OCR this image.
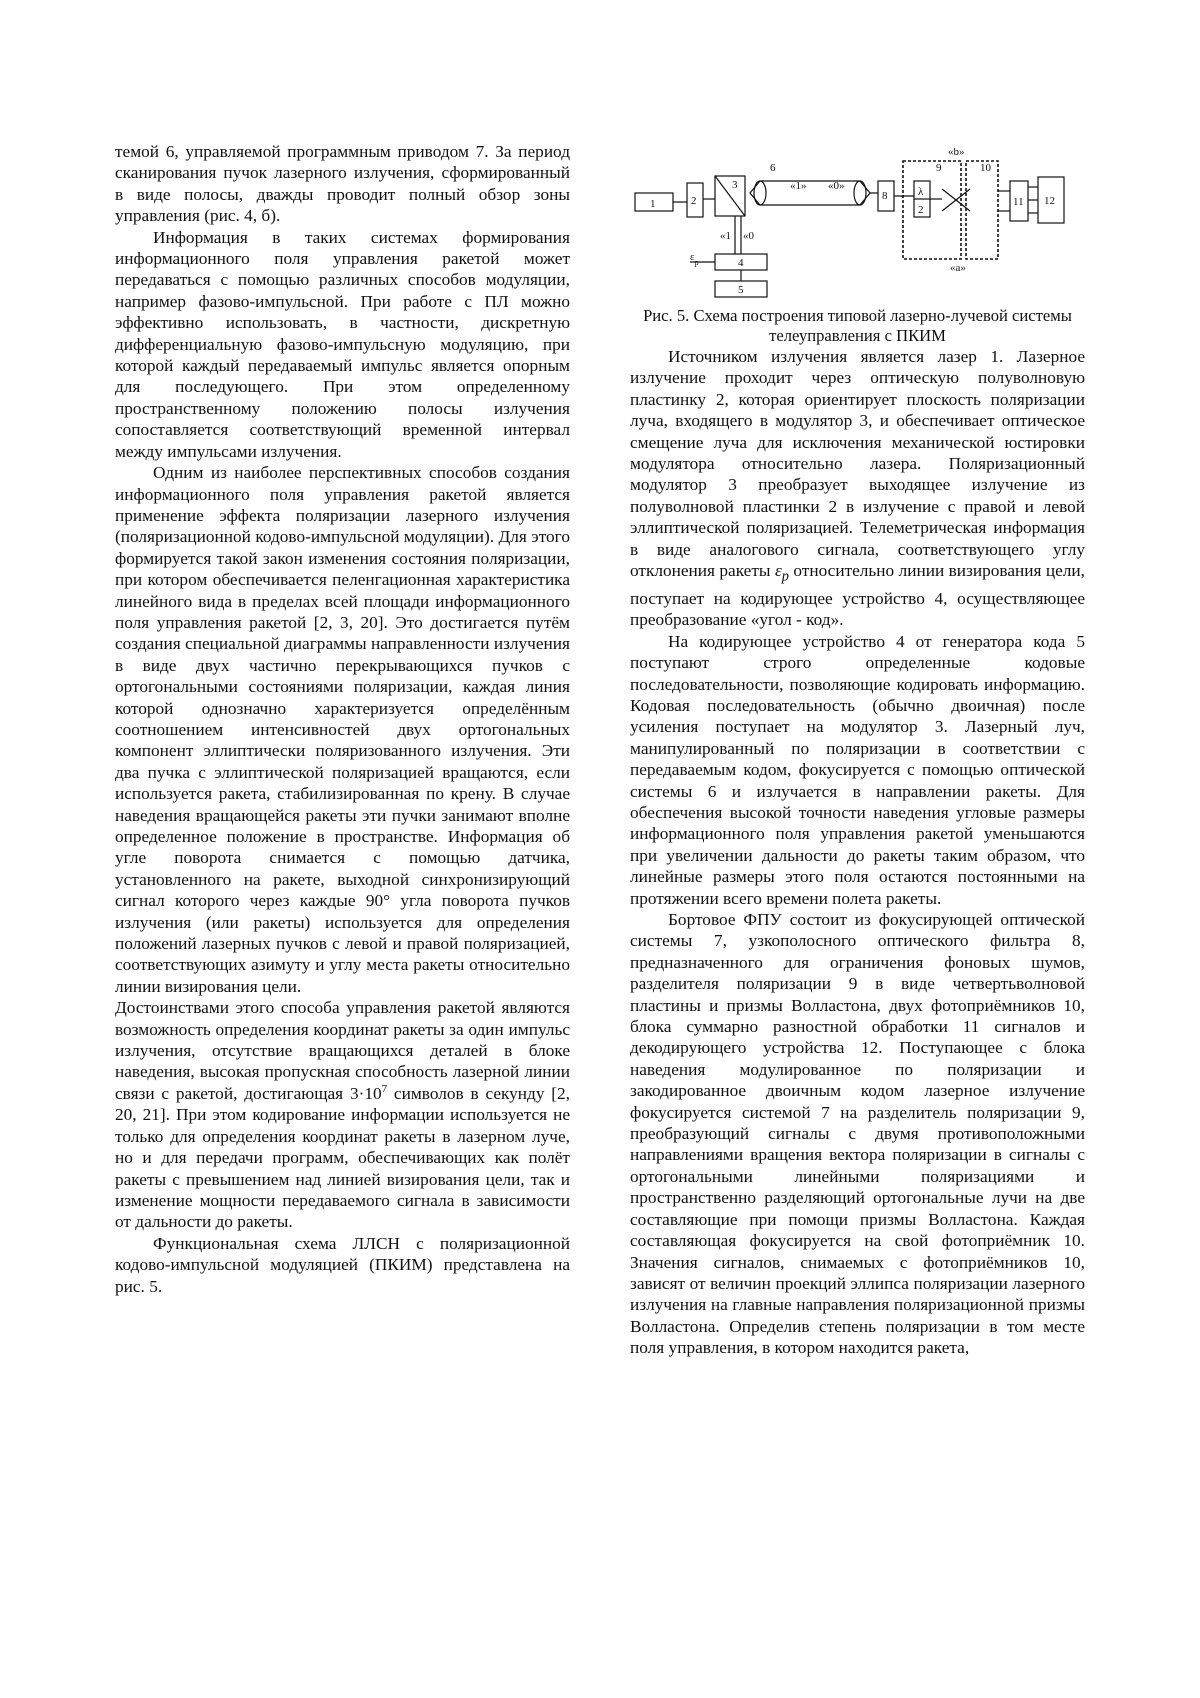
темой 6, управляемой программным приводом 7. За период сканирования пучок лазерного излучения, сформированный в виде полосы, дважды проводит полный обзор зоны управления (рис. 4, б).

Информация в таких системах формирования информационного поля управления ракетой может передаваться с помощью различных способов модуляции, например фазово-импульсной. При работе с ПЛ можно эффективно использовать, в частности, дискретную дифференциальную фазово-импульсную модуляцию, при которой каждый передаваемый импульс является опорным для последующего. При этом определенному пространственному положению полосы излучения сопоставляется соответствующий временной интервал между импульсами излучения.

Одним из наиболее перспективных способов создания информационного поля управления ракетой является применение эффекта поляризации лазерного излучения (поляризационной кодово-импульсной модуляции). Для этого формируется такой закон изменения состояния поляризации, при котором обеспечивается пеленгационная характеристика линейного вида в пределах всей площади информационного поля управления ракетой [2, 3, 20]. Это достигается путём создания специальной диаграммы направленности излучения в виде двух частично перекрывающихся пучков с ортогональными состояниями поляризации, каждая линия которой однозначно характеризуется определённым соотношением интенсивностей двух ортогональных компонент эллиптически поляризованного излучения. Эти два пучка с эллиптической поляризацией вращаются, если используется ракета, стабилизированная по крену. В случае наведения вращающейся ракеты эти пучки занимают вполне определенное положение в пространстве. Информация об угле поворота снимается с помощью датчика, установленного на ракете, выходной синхронизирующий сигнал которого через каждые 90° угла поворота пучков излучения (или ракеты) используется для определения положений лазерных пучков с левой и правой поляризацией, соответствующих азимуту и углу места ракеты относительно линии визирования цели.

Достоинствами этого способа управления ракетой являются возможность определения координат ракеты за один импульс излучения, отсутствие вращающихся деталей в блоке наведения, высокая пропускная способность лазерной линии связи с ракетой, достигающая $3\cdot 10^7$ символов в секунду [2, 20, 21]. При этом кодирование информации используется не только для определения координат ракеты в лазерном луче, но и для передачи программ, обеспечивающих как полёт ракеты с превышением над линией визирования цели, так и изменение мощности передаваемого сигнала в зависимости от дальности до ракеты.

Функциональная схема ЛЛСН с поляризационной кодово-импульсной модуляцией (ПКИМ) представлена на рис. 5.

1	2
3
4
5
6
8
9	10
11 12
λ
2
«1» «0»
«b»
«a»
$\varepsilon_p$
«1 «0

Рис. 5. Схема построения типовой лазерно-лучевой системы телеуправления с ПКИМ

Источником излучения является лазер 1. Лазерное излучение проходит через оптическую полуволновую пластинку 2, которая ориентирует плоскость поляризации луча, входящего в модулятор 3, и обеспечивает оптическое смещение луча для исключения механической юстировки модулятора относительно лазера. Поляризационный модулятор 3 преобразует выходящее излучение из полуволновой пластинки 2 в излучение с правой и левой эллиптической поляризацией. Телеметрическая информация в виде аналогового сигнала, соответствующего углу отклонения ракеты $\varepsilon_p$ относительно линии визирования цели, поступает на кодирующее устройство 4, осуществляющее преобразование «угол - код».

На кодирующее устройство 4 от генератора кода 5 поступают строго определенные кодовые последовательности, позволяющие кодировать информацию. Кодовая последовательность (обычно двоичная) после усиления поступает на модулятор 3. Лазерный луч, манипулированный по поляризации в соответствии с передаваемым кодом, фокусируется с помощью оптической системы 6 и излучается в направлении ракеты. Для обеспечения высокой точности наведения угловые размеры информационного поля управления ракетой уменьшаются при увеличении дальности до ракеты таким образом, что линейные размеры этого поля остаются постоянными на протяжении всего времени полета ракеты.

Бортовое ФПУ состоит из фокусирующей оптической системы 7, узкополосного оптического фильтра 8, предназначенного для ограничения фоновых шумов, разделителя поляризации 9 в виде четвертьволновой пластины и призмы Волластона, двух фотоприёмников 10, блока суммарно разностной обработки 11 сигналов и декодирующего устройства 12. Поступающее с блока наведения модулированное по поляризации и закодированное двоичным кодом лазерное излучение фокусируется системой 7 на разделитель поляризации 9, преобразующий сигналы с двумя противоположными направлениями вращения вектора поляризации в сигналы с ортогональными линейными поляризациями и пространственно разделяющий ортогональные лучи на две составляющие при помощи призмы Волластона. Каждая составляющая фокусируется на свой фотоприёмник 10. Значения сигналов, снимаемых с фотоприёмников 10, зависят от величин проекций эллипса поляризации лазерного излучения на главные направления поляризационной призмы Волластона. Определив степень поляризации в том месте поля управления, в котором находится ракета,
